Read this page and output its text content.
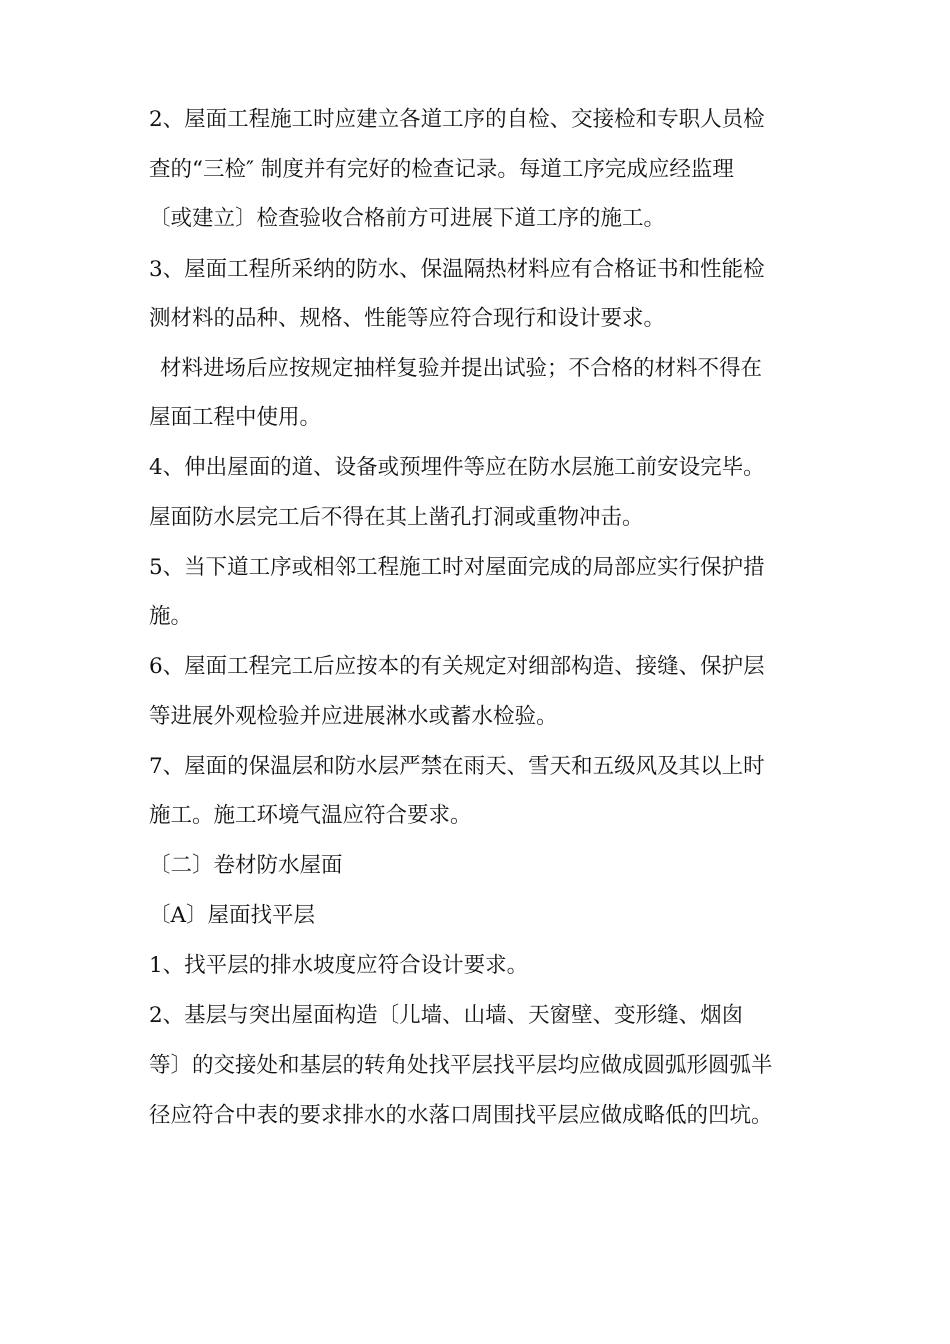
2、屋面工程施工时应建立各道工序的自检、交接检和专职人员检

查的“三检″ 制度并有完好的检查记录。每道工序完成应经监理

〔或建立〕检查验收合格前方可进展下道工序的施工。

3、屋面工程所采纳的防水、保温隔热材料应有合格证书和性能检

测材料的品种、规格、性能等应符合现行和设计要求。

材料进场后应按规定抽样复验并提出试验；不合格的材料不得在

屋面工程中使用。

4、伸出屋面的道、设备或预埋件等应在防水层施工前安设完毕。

屋面防水层完工后不得在其上凿孔打洞或重物冲击。

5、当下道工序或相邻工程施工时对屋面完成的局部应实行保护措

施。

6、屋面工程完工后应按本的有关规定对细部构造、接缝、保护层

等进展外观检验并应进展淋水或蓄水检验。

7、屋面的保温层和防水层严禁在雨天、雪天和五级风及其以上时

施工。施工环境气温应符合要求。

〔二〕卷材防水屋面

〔A〕屋面找平层

1、找平层的排水坡度应符合设计要求。

2、基层与突出屋面构造〔儿墙、山墙、天窗壁、变形缝、烟囱

等〕的交接处和基层的转角处找平层找平层均应做成圆弧形圆弧半

径应符合中表的要求排水的水落口周围找平层应做成略低的凹坑。
